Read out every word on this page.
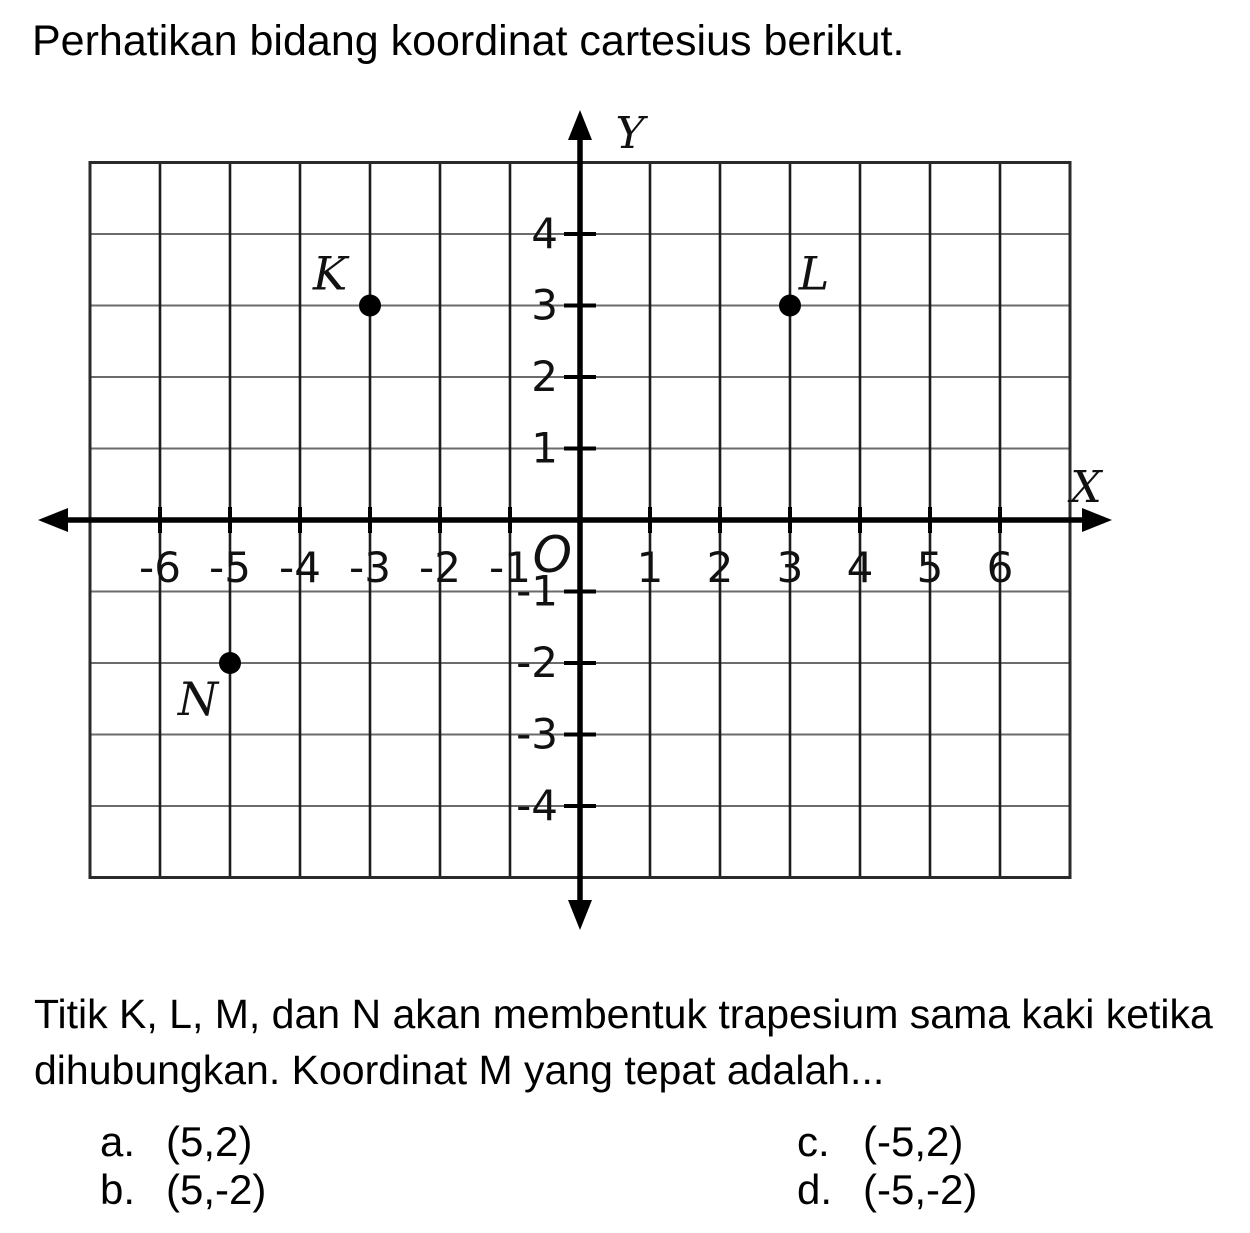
Perhatikan bidang koordinat cartesius berikut.
-6 -5 -4 -3 -2 -1	1 2 3 4 5 6
4
3
2
1
-1
-2
-3
-4
O
X
Y
K	L
N
Titik K, L, M, dan N akan membentuk trapesium sama kaki ketika
dihubungkan. Koordinat M yang tepat adalah...
a. (5,2)
b. (5,-2)
c. (-5,2)
d. (-5,-2)
